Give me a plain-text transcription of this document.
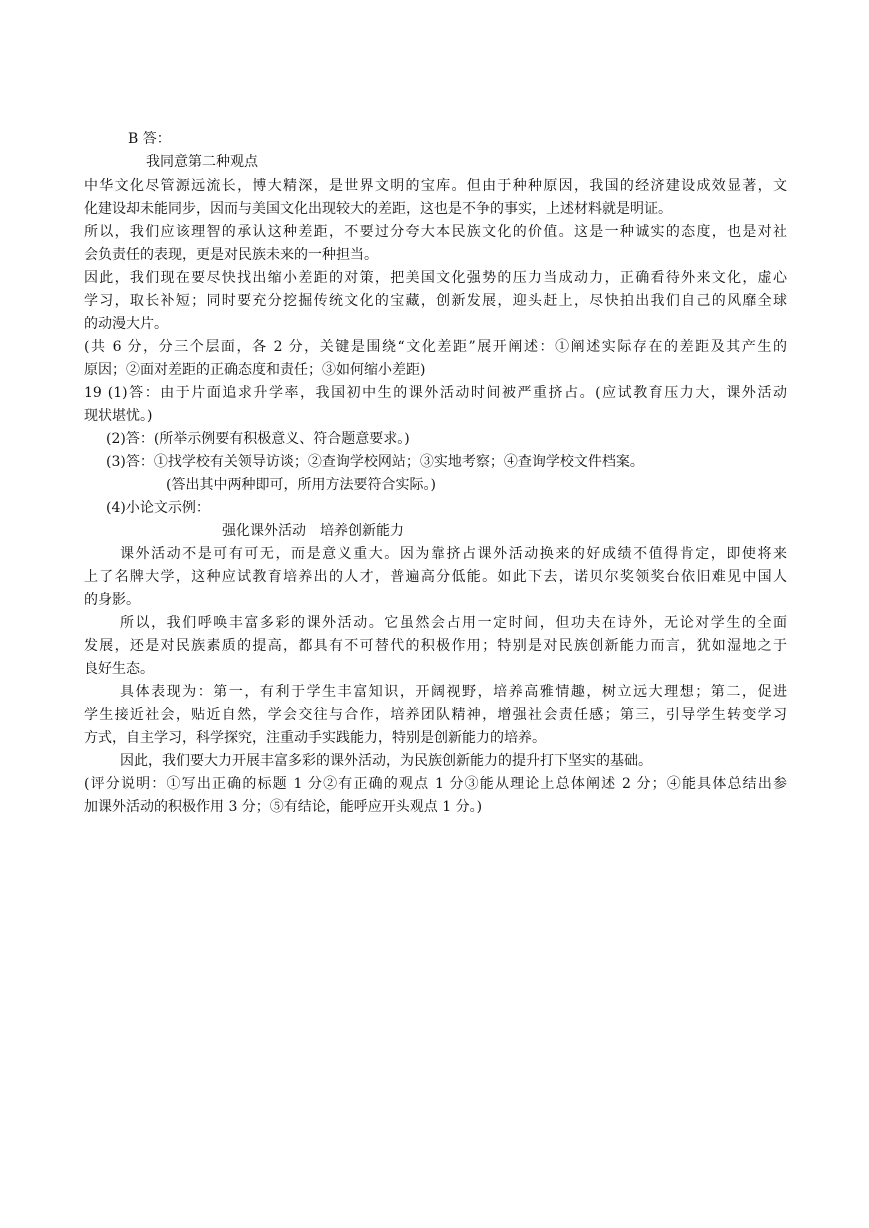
B 答：
我同意第二种观点
中华文化尽管源远流长，博大精深，是世界文明的宝库。但由于种种原因，我国的经济建设成效显著，文
化建设却未能同步，因而与美国文化出现较大的差距，这也是不争的事实，上述材料就是明证。
所以，我们应该理智的承认这种差距，不要过分夸大本民族文化的价值。这是一种诚实的态度，也是对社
会负责任的表现，更是对民族未来的一种担当。
因此，我们现在要尽快找出缩小差距的对策，把美国文化强势的压力当成动力，正确看待外来文化，虚心
学习，取长补短；同时要充分挖掘传统文化的宝藏，创新发展，迎头赶上，尽快拍出我们自己的风靡全球
的动漫大片。
(共 6 分，分三个层面，各 2 分，关键是围绕“文化差距”展开阐述：①阐述实际存在的差距及其产生的
原因；②面对差距的正确态度和责任；③如何缩小差距)
19 (1)答：由于片面追求升学率，我国初中生的课外活动时间被严重挤占。(应试教育压力大，课外活动
现状堪忧。)
(2)答：(所举示例要有积极意义、符合题意要求。)
(3)答：①找学校有关领导访谈；②查询学校网站；③实地考察；④查询学校文件档案。
(答出其中两种即可，所用方法要符合实际。)
(4)小论文示例：
强化课外活动　培养创新能力
课外活动不是可有可无，而是意义重大。因为靠挤占课外活动换来的好成绩不值得肯定，即使将来
上了名牌大学，这种应试教育培养出的人才，普遍高分低能。如此下去，诺贝尔奖领奖台依旧难见中国人
的身影。
所以，我们呼唤丰富多彩的课外活动。它虽然会占用一定时间，但功夫在诗外，无论对学生的全面
发展，还是对民族素质的提高，都具有不可替代的积极作用；特别是对民族创新能力而言，犹如湿地之于
良好生态。
具体表现为：第一，有利于学生丰富知识，开阔视野，培养高雅情趣，树立远大理想；第二，促进
学生接近社会，贴近自然，学会交往与合作，培养团队精神，增强社会责任感；第三，引导学生转变学习
方式，自主学习，科学探究，注重动手实践能力，特别是创新能力的培养。
因此，我们要大力开展丰富多彩的课外活动，为民族创新能力的提升打下坚实的基础。
(评分说明：①写出正确的标题 1 分②有正确的观点 1 分③能从理论上总体阐述 2 分；④能具体总结出参
加课外活动的积极作用 3 分；⑤有结论，能呼应开头观点 1 分。)
